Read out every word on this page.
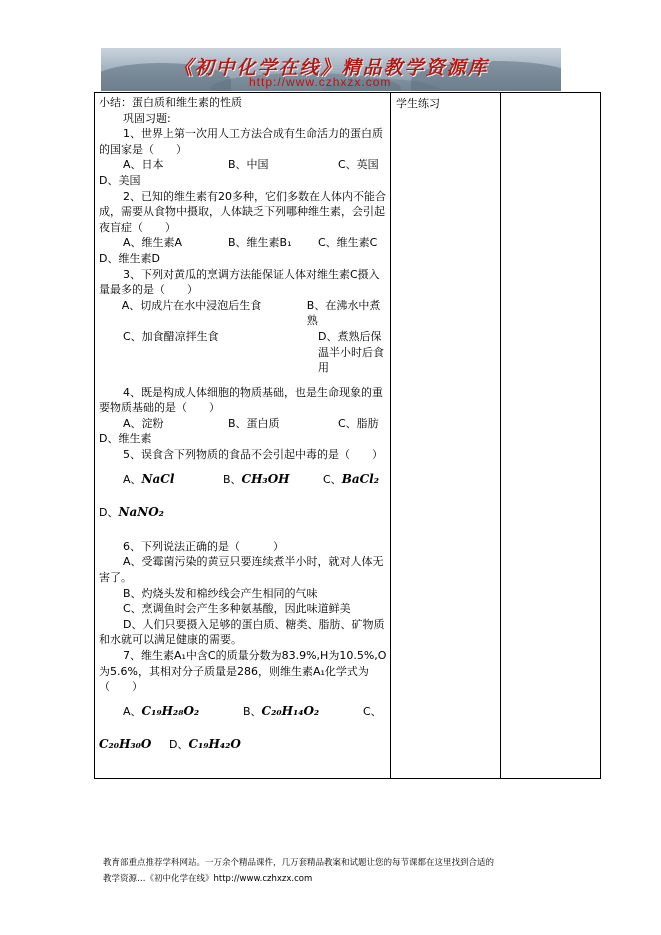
《初中化学在线》精品教学资源库
http://www.czhxzx.com
学生练习

小结：蛋白质和维生素的性质

巩固习题:

1、世界上第一次用人工方法合成有生命活力的蛋白质的国家是（　　）

A、日本	B、中国	C、英国

D、美国

2、已知的维生素有20多种，它们多数在人体内不能合成，需要从食物中摄取，人体缺乏下列哪种维生素，会引起夜盲症（　　）

A、维生素A	B、维生素B₁	C、维生素C

D、维生素D

3、下列对黄瓜的烹调方法能保证人体对维生素C摄入量最多的是（　　）

A、切成片在水中浸泡后生食	B、在沸水中煮熟
C、加食醋凉拌生食	D、煮熟后保温半小时后食用

4、既是构成人体细胞的物质基础，也是生命现象的重要物质基础的是（　　）

A、淀粉	B、蛋白质	C、脂肪

D、维生素

5、误食含下列物质的食品不会引起中毒的是（　　）

A、NaCl	B、CH₃OH	C、BaCl₂
D、NaNO₂

6、下列说法正确的是（　　　）

A、受霉菌污染的黄豆只要连续煮半小时，就对人体无害了。

B、灼烧头发和棉纱线会产生相同的气味

C、烹调鱼时会产生多种氨基酸，因此味道鲜美

D、人们只要摄入足够的蛋白质、糖类、脂肪、矿物质和水就可以满足健康的需要。

7、维生素A₁中含C的质量分数为83.9%,H为10.5%,O为5.6%，其相对分子质量是286，则维生素A₁化学式为（　　）

A、C₁₉H₂₈O₂	B、C₂₀H₁₄O₂	C、
C₂₀H₃₀O	D、C₁₉H₄₂O

教育部重点推荐学科网站。一万余个精品课件，几万套精品教案和试题让您的每节课都在这里找到合适的

教学资源…《初中化学在线》http://www.czhxzx.com
